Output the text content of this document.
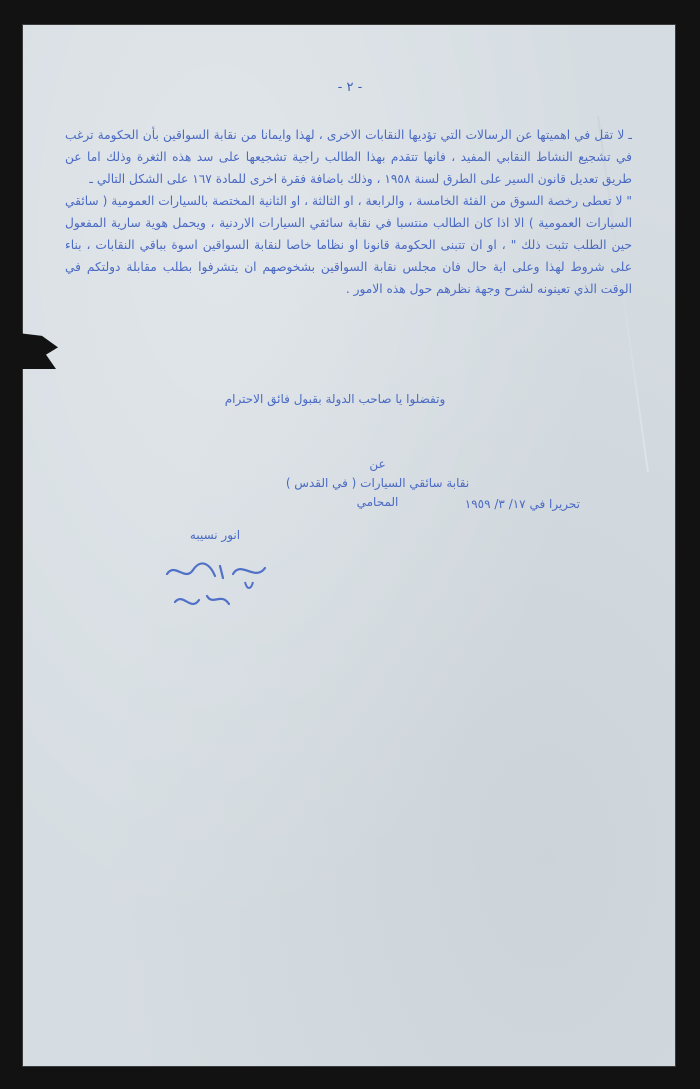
- ٢ -

ـ لا تقل في اهميتها عن الرسالات التي تؤديها النقابات الاخرى ، لهذا وايمانا من نقابة السواقين بأن الحكومة ترغب في تشجيع النشاط النقابي المفيد ، فانها تتقدم بهذا الطالب راجية تشجيعها على سد هذه الثغرة وذلك اما عن طريق تعديل قانون السير على الطرق لسنة ١٩٥٨ ، وذلك باضافة فقرة اخرى للمادة ١٦٧ على الشكل التالي ـ

" لا تعطى رخصة السوق من الفئة الخامسة ، والرابعة ، او الثالثة ، او الثانية المختصة بالسيارات العمومية ( سائقي السيارات العمومية ) الا اذا كان الطالب منتسبا في نقابة سائقي السيارات الاردنية ، ويحمل هوية سارية المفعول حين الطلب تثبت ذلك " ، او ان تتبنى الحكومة قانونا او نظاما خاصا لنقابة السواقين اسوة بباقي النقابات ، بناء على شروط لهذا وعلى اية حال فان مجلس نقابة السواقين بشخوصهم ان يتشرفوا بطلب مقابلة دولتكم في الوقت الذي تعينونه لشرح وجهة نظرهم حول هذه الامور .

وتفضلوا يا صاحب الدولة بقبول فائق الاحترام
عن
نقابة سائقي السيارات ( في القدس )
المحامي	تحريرا في ١٧/ ٣/ ١٩٥٩
انور نسيبه
